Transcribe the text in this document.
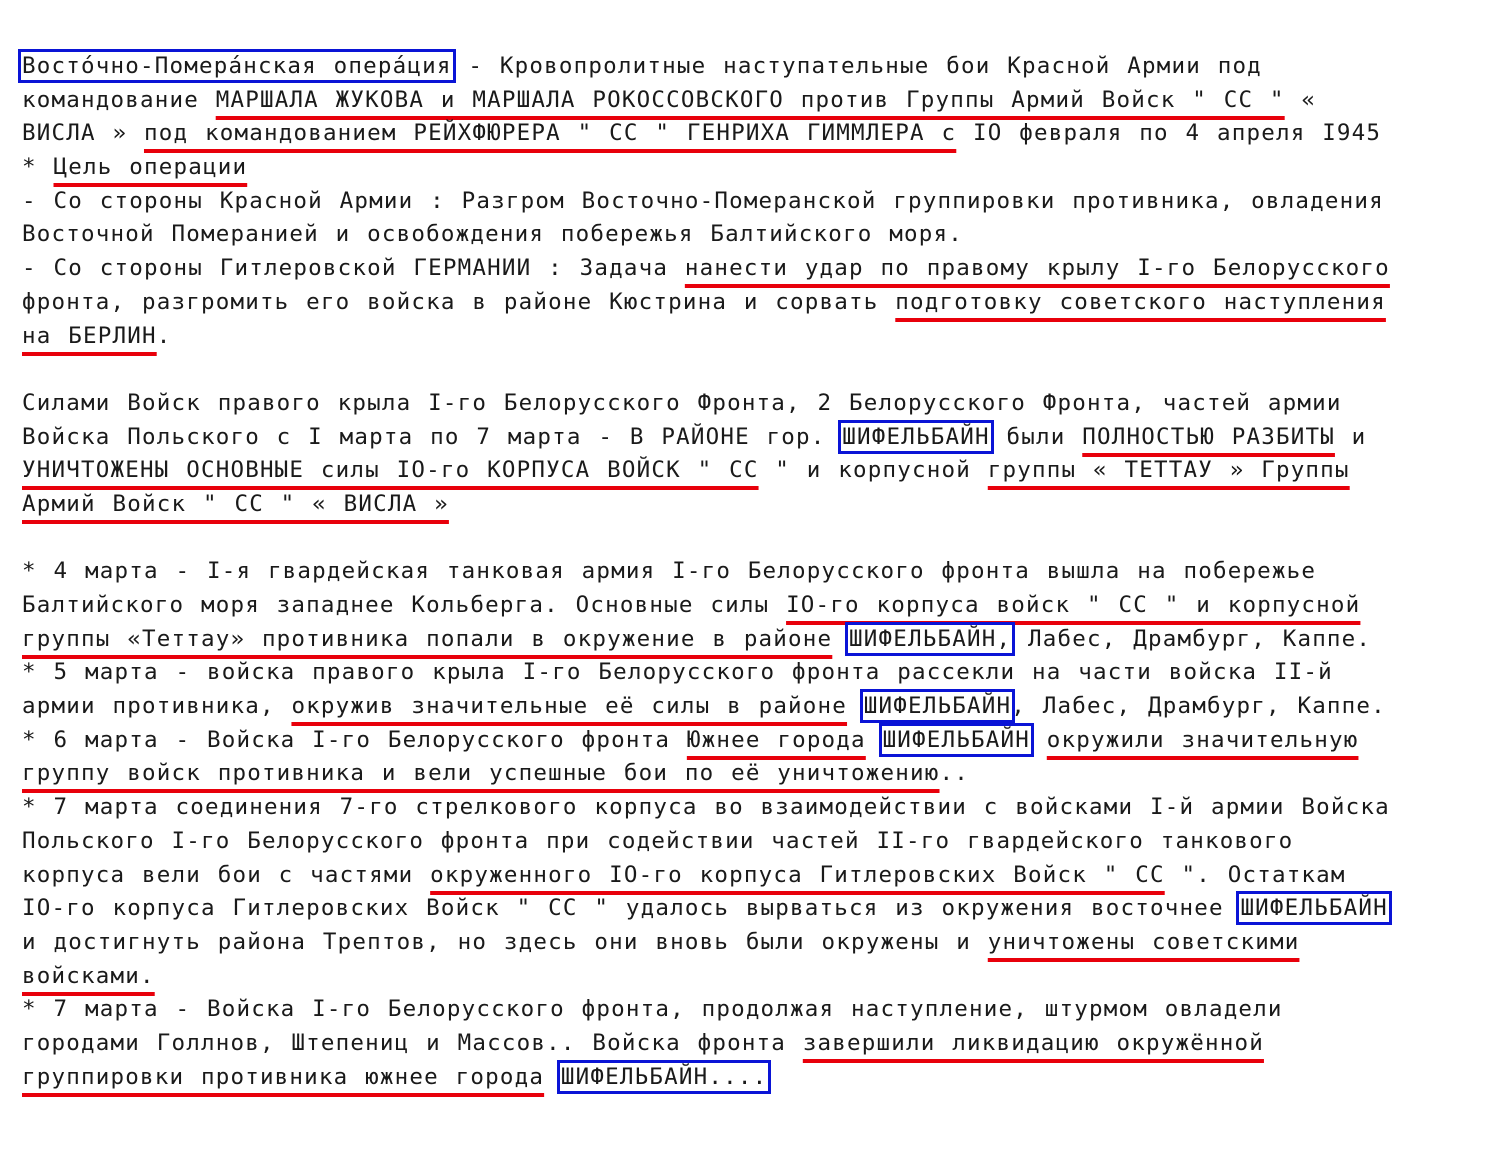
Восто́чно-Помера́нская опера́ция - Кровопролитные наступательные бои Красной Армии под
командование МАРШАЛА ЖУКОВА и МАРШАЛА РОКОССОВСКОГО против Группы Армий Войск " СС " «
ВИСЛА » под командованием РЕЙХФЮРЕРА " СС " ГЕНРИХА ГИММЛЕРА с IO февраля по 4 апреля I945
* Цель операции
- Со стороны Красной Армии : Разгром Восточно-Померанской группировки противника, овладения
Восточной Померанией и освобождения побережья Балтийского моря.
- Со стороны Гитлеровской ГЕРМАНИИ : Задача нанести удар по правому крылу I-го Белорусского
фронта, разгромить его войска в районе Кюстрина и сорвать подготовку советского наступления
на БЕРЛИН.
Силами Войск правого крыла I-го Белорусского Фронта, 2 Белорусского Фронта, частей армии
Войска Польского с I марта по 7 марта - В РАЙОНЕ гор. ШИФЕЛЬБАЙН были ПОЛНОСТЬЮ РАЗБИТЫ и
УНИЧТОЖЕНЫ ОСНОВНЫЕ силы IO-го КОРПУСА ВОЙСК " СС " и корпусной группы « ТЕТТАУ » Группы
Армий Войск " СС " « ВИСЛА »
* 4 марта - I-я гвардейская танковая армия I-го Белорусского фронта вышла на побережье
Балтийского моря западнее Кольберга. Основные силы IO-го корпуса войск " СС " и корпусной
группы «Теттау» противника попали в окружение в районе ШИФЕЛЬБАЙН, Лабес, Драмбург, Каппе.
* 5 марта - войска правого крыла I-го Белорусского фронта рассекли на части войска II-й
армии противника, окружив значительные её силы в районе ШИФЕЛЬБАЙН, Лабес, Драмбург, Каппе.
* 6 марта - Войска I-го Белорусского фронта Южнее города ШИФЕЛЬБАЙН окружили значительную
группу войск противника и вели успешные бои по её уничтожению..
* 7 марта соединения 7-го стрелкового корпуса во взаимодействии с войсками I-й армии Войска
Польского I-го Белорусского фронта при содействии частей II-го гвардейского танкового
корпуса вели бои с частями окруженного IO-го корпуса Гитлеровских Войск " СС ". Остаткам
IO-го корпуса Гитлеровских Войск " СС " удалось вырваться из окружения восточнее ШИФЕЛЬБАЙН
и достигнуть района Трептов, но здесь они вновь были окружены и уничтожены советскими
войсками.
* 7 марта - Войска I-го Белорусского фронта, продолжая наступление, штурмом овладели
городами Голлнов, Штепениц и Массов.. Войска фронта завершили ликвидацию окружённой
группировки противника южнее города ШИФЕЛЬБАЙН....
